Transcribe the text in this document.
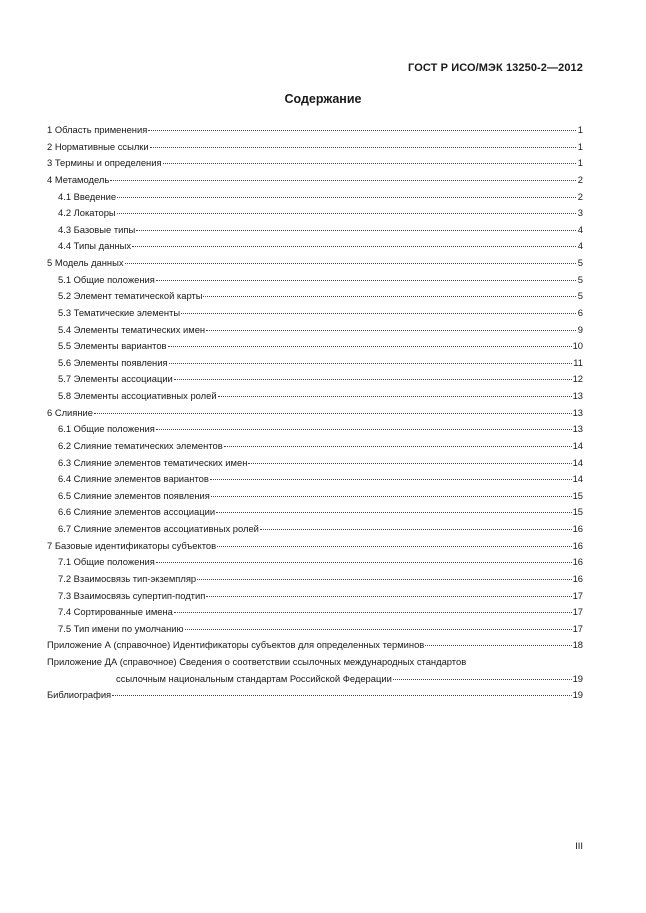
ГОСТ Р ИСО/МЭК 13250-2—2012
Содержание
1 Область применения	1
2 Нормативные ссылки	1
3 Термины и определения	1
4 Метамодель	2
4.1 Введение	2
4.2 Локаторы	3
4.3 Базовые типы	4
4.4 Типы данных	4
5 Модель данных	5
5.1 Общие положения	5
5.2 Элемент тематической карты	5
5.3 Тематические элементы	6
5.4 Элементы тематических имен	9
5.5 Элементы вариантов	10
5.6 Элементы появления	11
5.7 Элементы ассоциации	12
5.8 Элементы ассоциативных ролей	13
6 Слияние	13
6.1 Общие положения	13
6.2 Слияние тематических элементов	14
6.3 Слияние элементов тематических имен	14
6.4 Слияние элементов вариантов	14
6.5 Слияние элементов появления	15
6.6 Слияние элементов ассоциации	15
6.7 Слияние элементов ассоциативных ролей	16
7 Базовые идентификаторы субъектов	16
7.1 Общие положения	16
7.2 Взаимосвязь тип-экземпляр	16
7.3 Взаимосвязь супертип-подтип	17
7.4 Сортированные имена	17
7.5 Тип имени по умолчанию	17
Приложение А (справочное) Идентификаторы субъектов для определенных терминов	18
Приложение ДА (справочное) Сведения о соответствии ссылочных международных стандартов
ссылочным национальным стандартам Российской Федерации	19
Библиография	19
III
